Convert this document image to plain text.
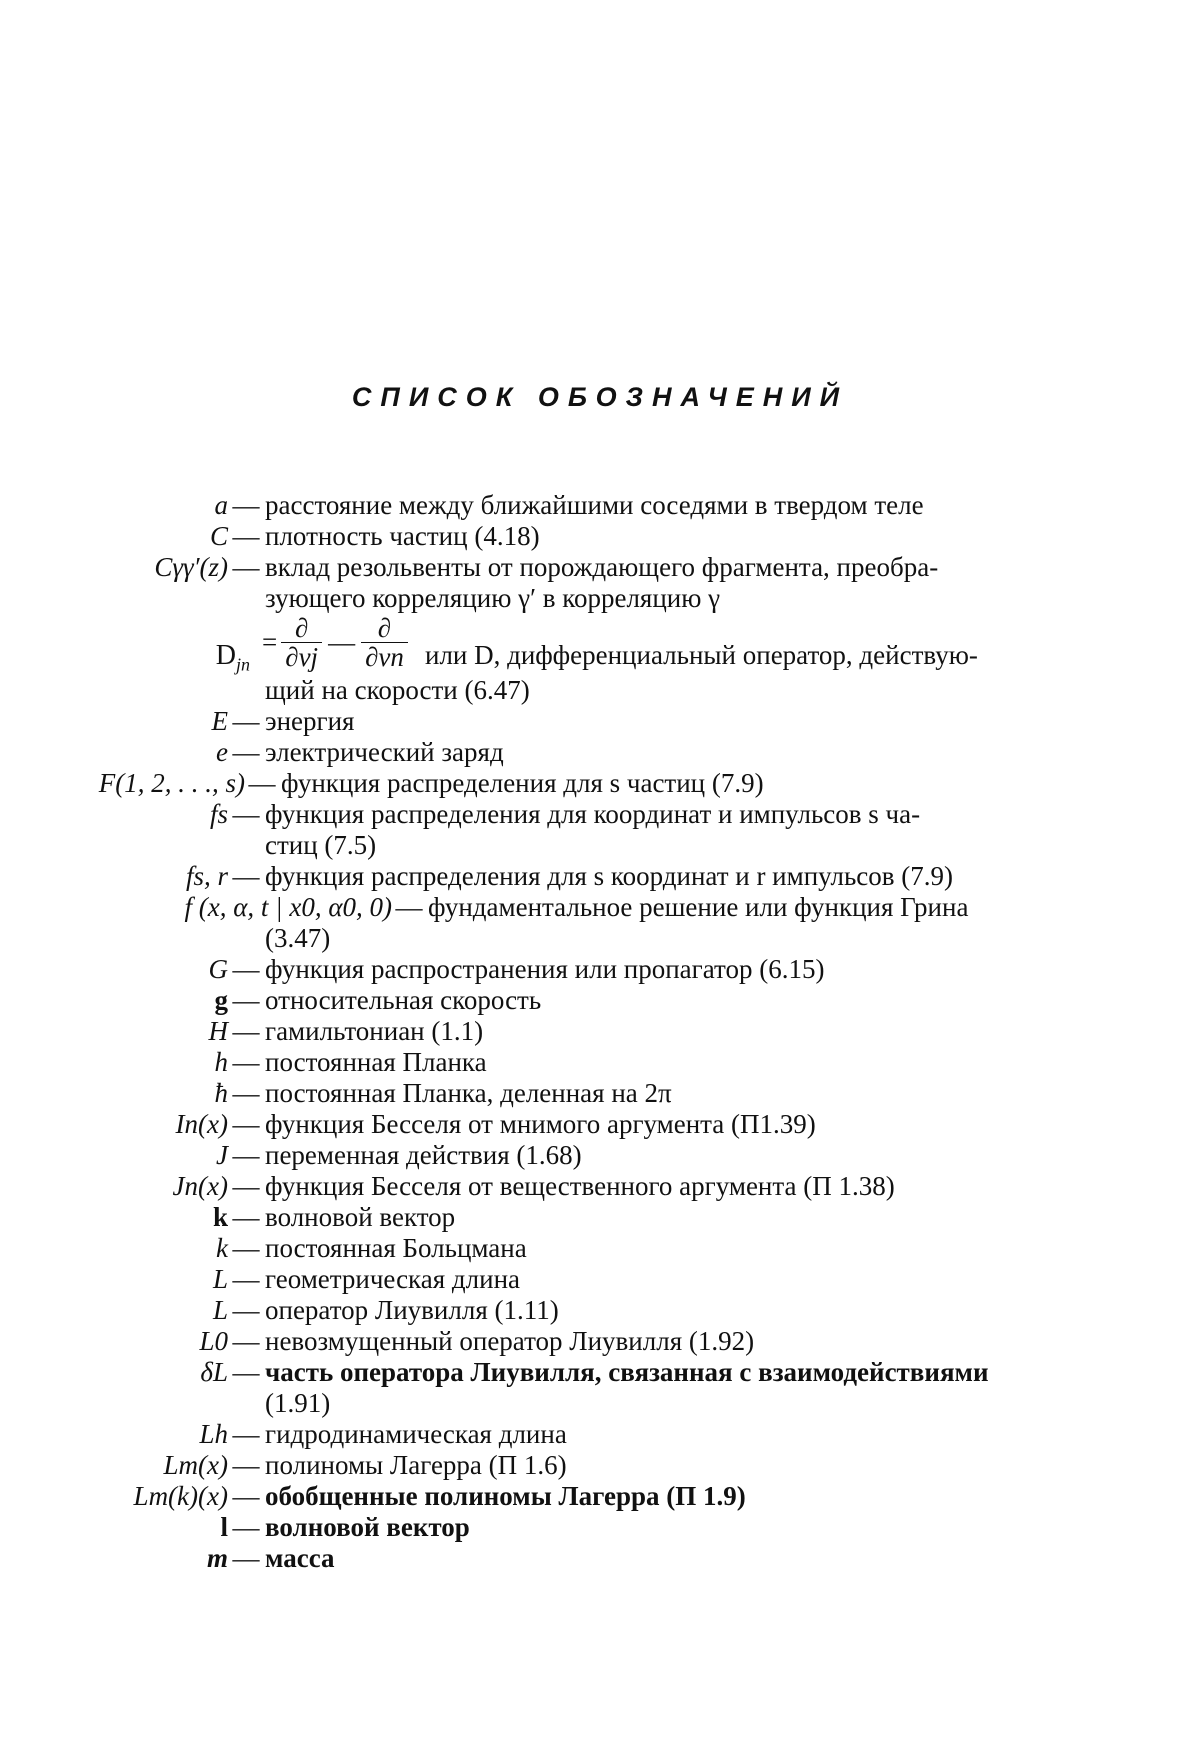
СПИСОК ОБОЗНАЧЕНИЙ
a — расстояние между ближайшими соседями в твердом теле
C — плотность частиц (4.18)
Cγγ′(z) — вклад резольвенты от порождающего фрагмента, преобра-
зующего корреляцию γ′ в корреляцию γ
$D_{jn}$
= $\frac{\partial}{\partial vj}$ — $\frac{\partial}{\partial vn}$ или D, дифференциальный оператор, действую-
щий на скорости (6.47)
E — энергия
e — электрический заряд
F(1, 2, . . ., s) — функция распределения для s частиц (7.9)
fs — функция распределения для координат и импульсов s ча-
стиц (7.5)
fs, r — функция распределения для s координат и r импульсов (7.9)
f (x, α, t | x0, α0, 0) — фундаментальное решение или функция Грина
(3.47)
G — функция распространения или пропагатор (6.15)
g — относительная скорость
H — гамильтониан (1.1)
h — постоянная Планка
ħ — постоянная Планка, деленная на 2π
In(x) — функция Бесселя от мнимого аргумента (П1.39)
J — переменная действия (1.68)
Jn(x) — функция Бесселя от вещественного аргумента (П 1.38)
k — волновой вектор
k — постоянная Больцмана
L — геометрическая длина
L — оператор Лиувилля (1.11)
L0 — невозмущенный оператор Лиувилля (1.92)
δL — часть оператора Лиувилля, связанная с взаимодействиями
(1.91)
Lh — гидродинамическая длина
Lm(x) — полиномы Лагерра (П 1.6)
Lm(k)(x) — обобщенные полиномы Лагерра (П 1.9)
l — волновой вектор
m — масса
